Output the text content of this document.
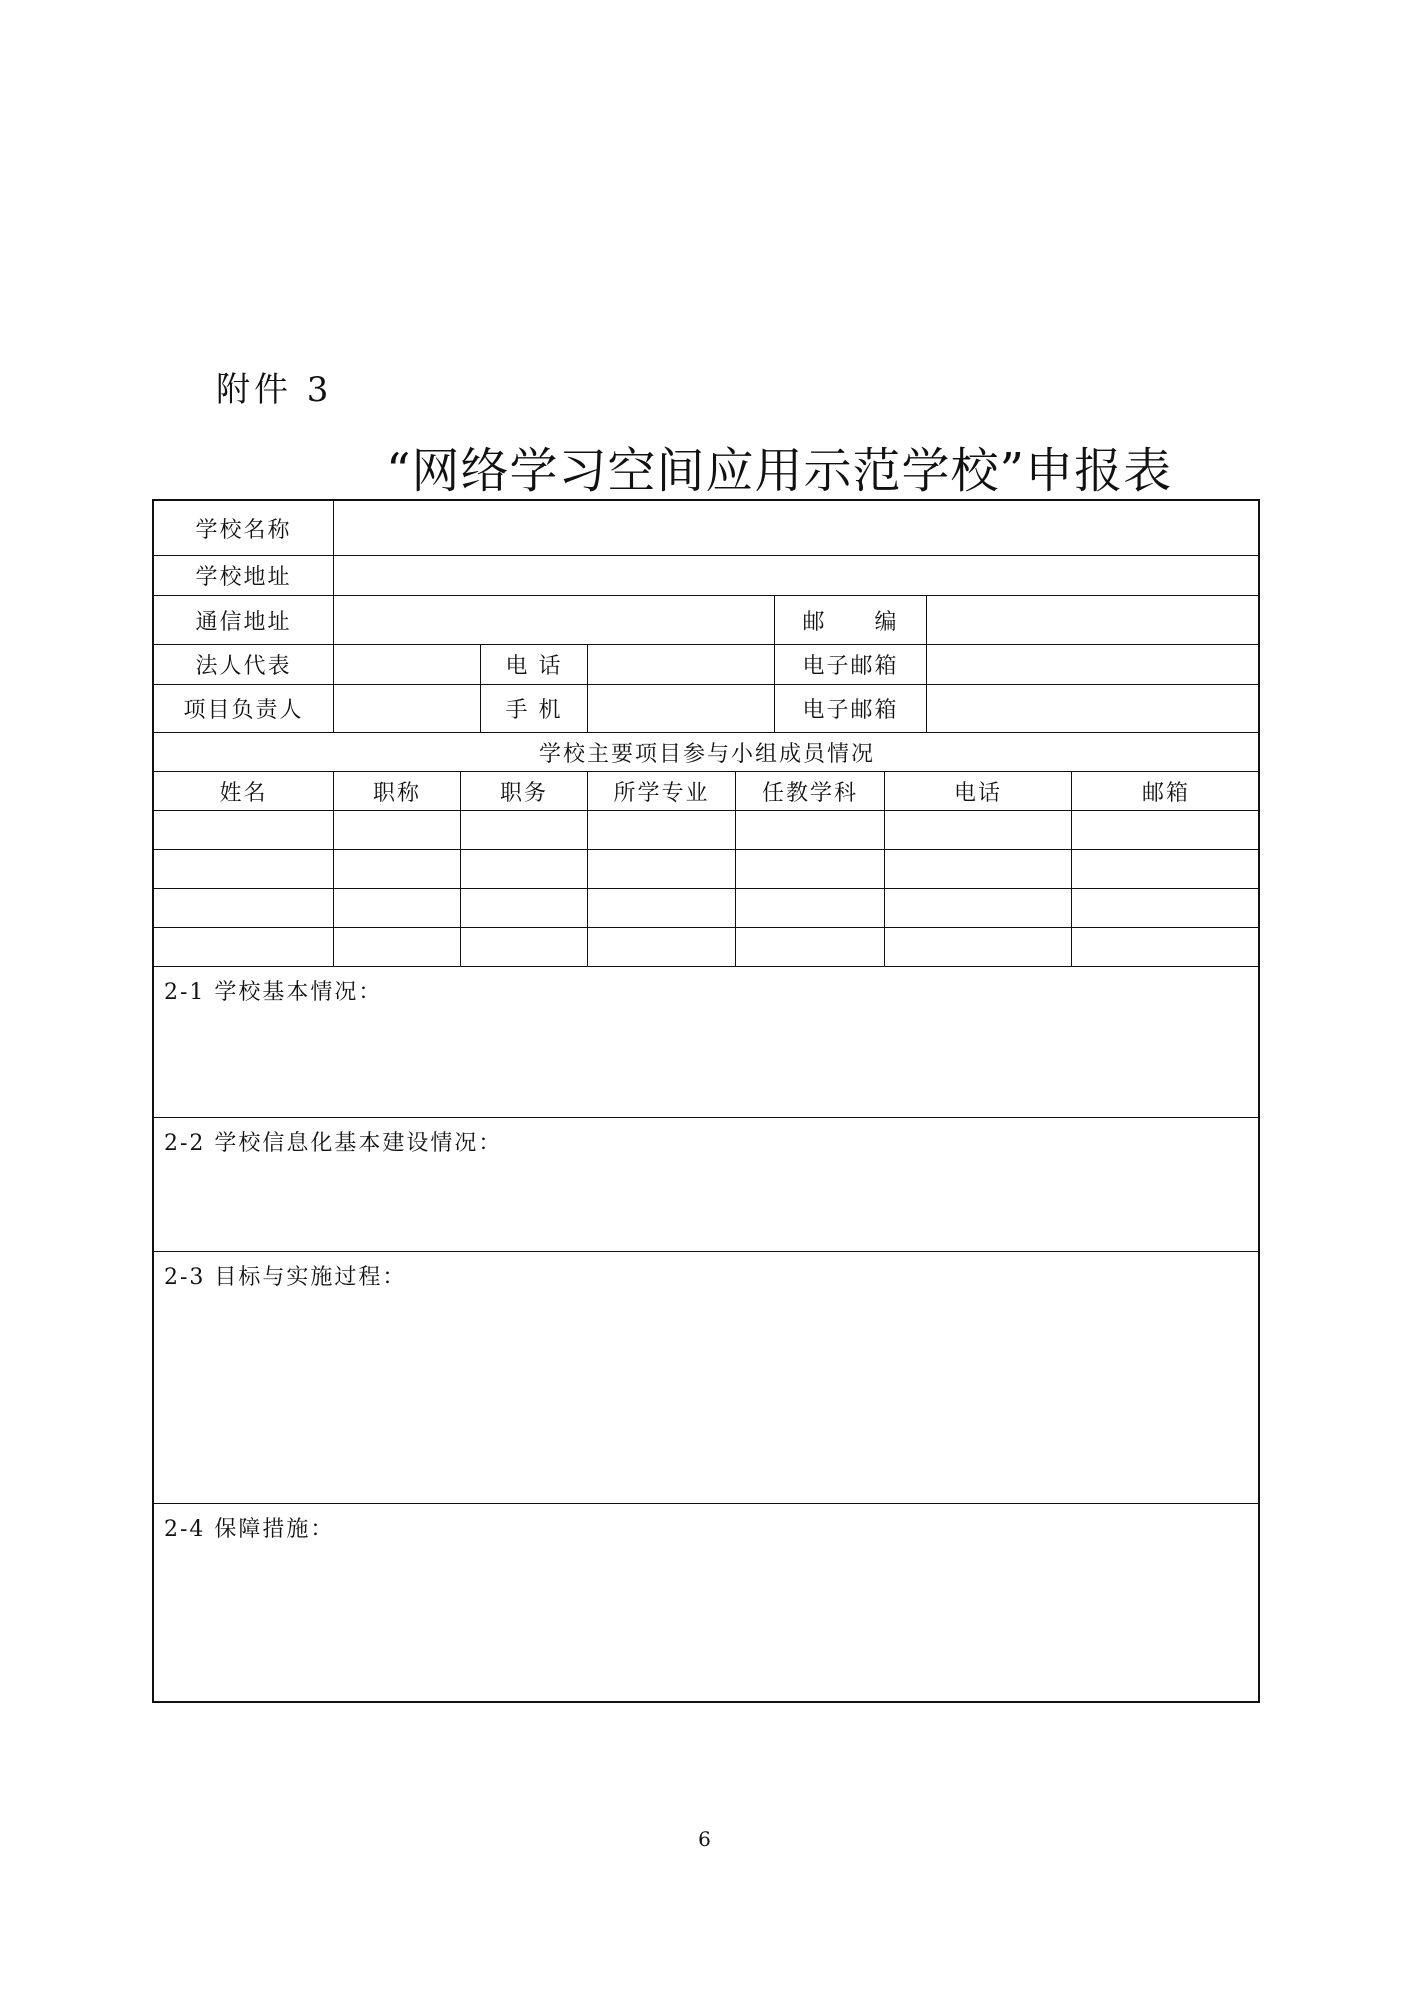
附件 3
“网络学习空间应用示范学校”申报表
学校名称
学校地址
通信地址	邮　　编
法人代表	电 话	电子邮箱
项目负责人	手 机	电子邮箱
学校主要项目参与小组成员情况
姓名	职称	职务	所学专业	任教学科	电话	邮箱
2-1 学校基本情况：
2-2 学校信息化基本建设情况：
2-3 目标与实施过程：
2-4 保障措施：
6
